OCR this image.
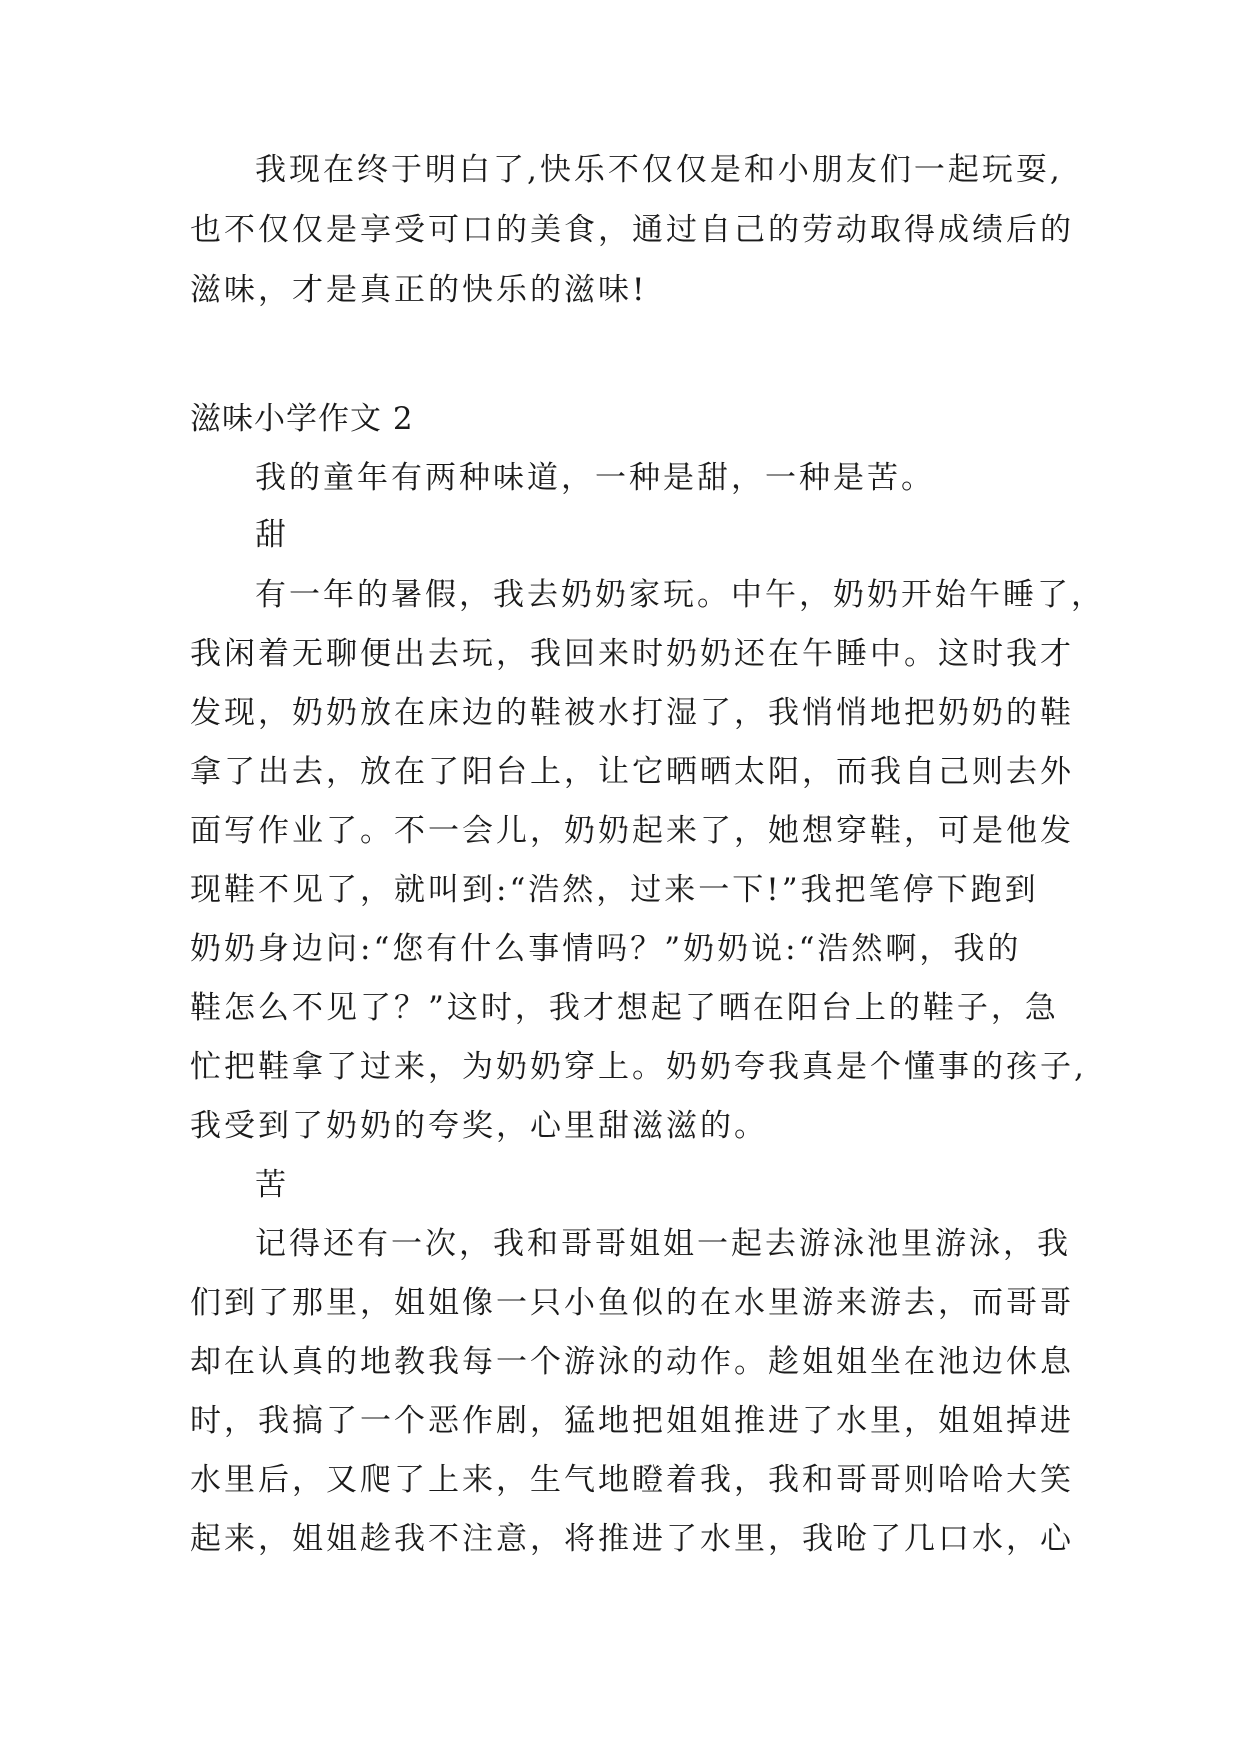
我现在终于明白了,快乐不仅仅是和小朋友们一起玩耍,
也不仅仅是享受可口的美食，通过自己的劳动取得成绩后的
滋味，才是真正的快乐的滋味!
滋味小学作文 2
我的童年有两种味道，一种是甜，一种是苦。
甜
有一年的暑假，我去奶奶家玩。中午，奶奶开始午睡了，
我闲着无聊便出去玩，我回来时奶奶还在午睡中。这时我才
发现，奶奶放在床边的鞋被水打湿了，我悄悄地把奶奶的鞋
拿了出去，放在了阳台上，让它晒晒太阳，而我自己则去外
面写作业了。不一会儿，奶奶起来了，她想穿鞋，可是他发
现鞋不见了，就叫到:“浩然，过来一下!”我把笔停下跑到
奶奶身边问:“您有什么事情吗？”奶奶说:“浩然啊，我的
鞋怎么不见了？”这时，我才想起了晒在阳台上的鞋子，急
忙把鞋拿了过来，为奶奶穿上。奶奶夸我真是个懂事的孩子,
我受到了奶奶的夸奖，心里甜滋滋的。
苦
记得还有一次，我和哥哥姐姐一起去游泳池里游泳，我
们到了那里，姐姐像一只小鱼似的在水里游来游去，而哥哥
却在认真的地教我每一个游泳的动作。趁姐姐坐在池边休息
时，我搞了一个恶作剧，猛地把姐姐推进了水里，姐姐掉进
水里后，又爬了上来，生气地瞪着我，我和哥哥则哈哈大笑
起来，姐姐趁我不注意，将推进了水里，我呛了几口水，心
